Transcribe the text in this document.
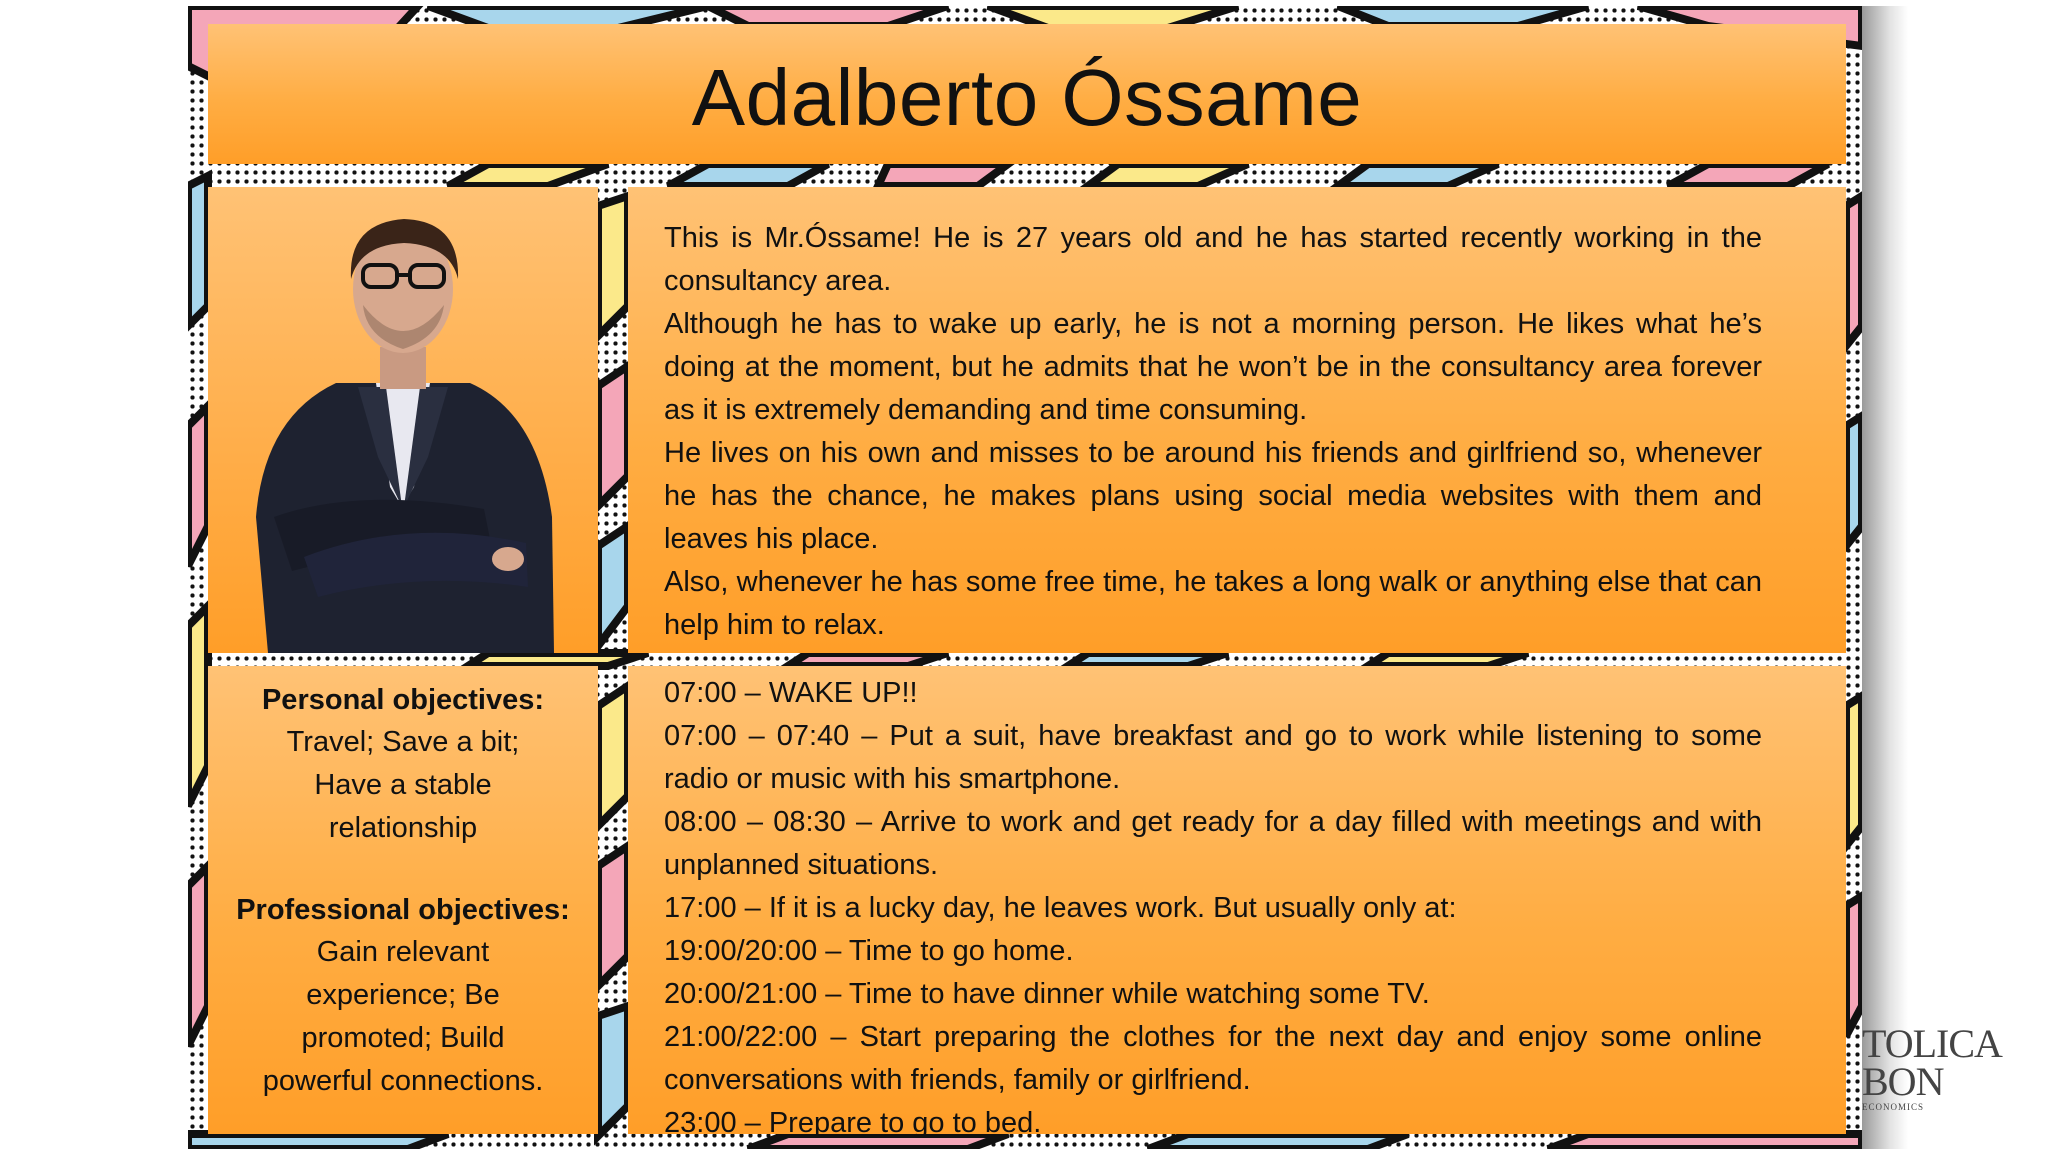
Adalberto Óssame

This is Mr.Óssame! He is 27 years old and he has started recently working in the consultancy area.

Although he has to wake up early, he is not a morning person. He likes what he’s doing at the moment, but he admits that he won’t be in the consultancy area forever as it is extremely demanding and time consuming.

He lives on his own and misses to be around his friends and girlfriend so, whenever he has the chance, he makes plans using social media websites with them and leaves his place.

Also, whenever he has some free time, he takes a long walk or anything else that can help him to relax.

Personal objectives:

Travel; Save a bit;

Have a stable

relationship

Professional objectives:

Gain relevant

experience; Be

promoted; Build

powerful connections.

07:00 – WAKE UP!!

07:00 – 07:40 – Put a suit, have breakfast and go to work while listening to some radio or music with his smartphone.

08:00 – 08:30 – Arrive to work and get ready for a day filled with meetings and with unplanned situations.

17:00 – If it is a lucky day, he leaves work. But usually only at:

19:00/20:00 – Time to go home.

20:00/21:00 – Time to have dinner while watching some TV.

21:00/22:00 – Start preparing the clothes for the next day and enjoy some online conversations with friends, family or girlfriend.

23:00 – Prepare to go to bed.

TOLICA
BON
ECONOMICS
